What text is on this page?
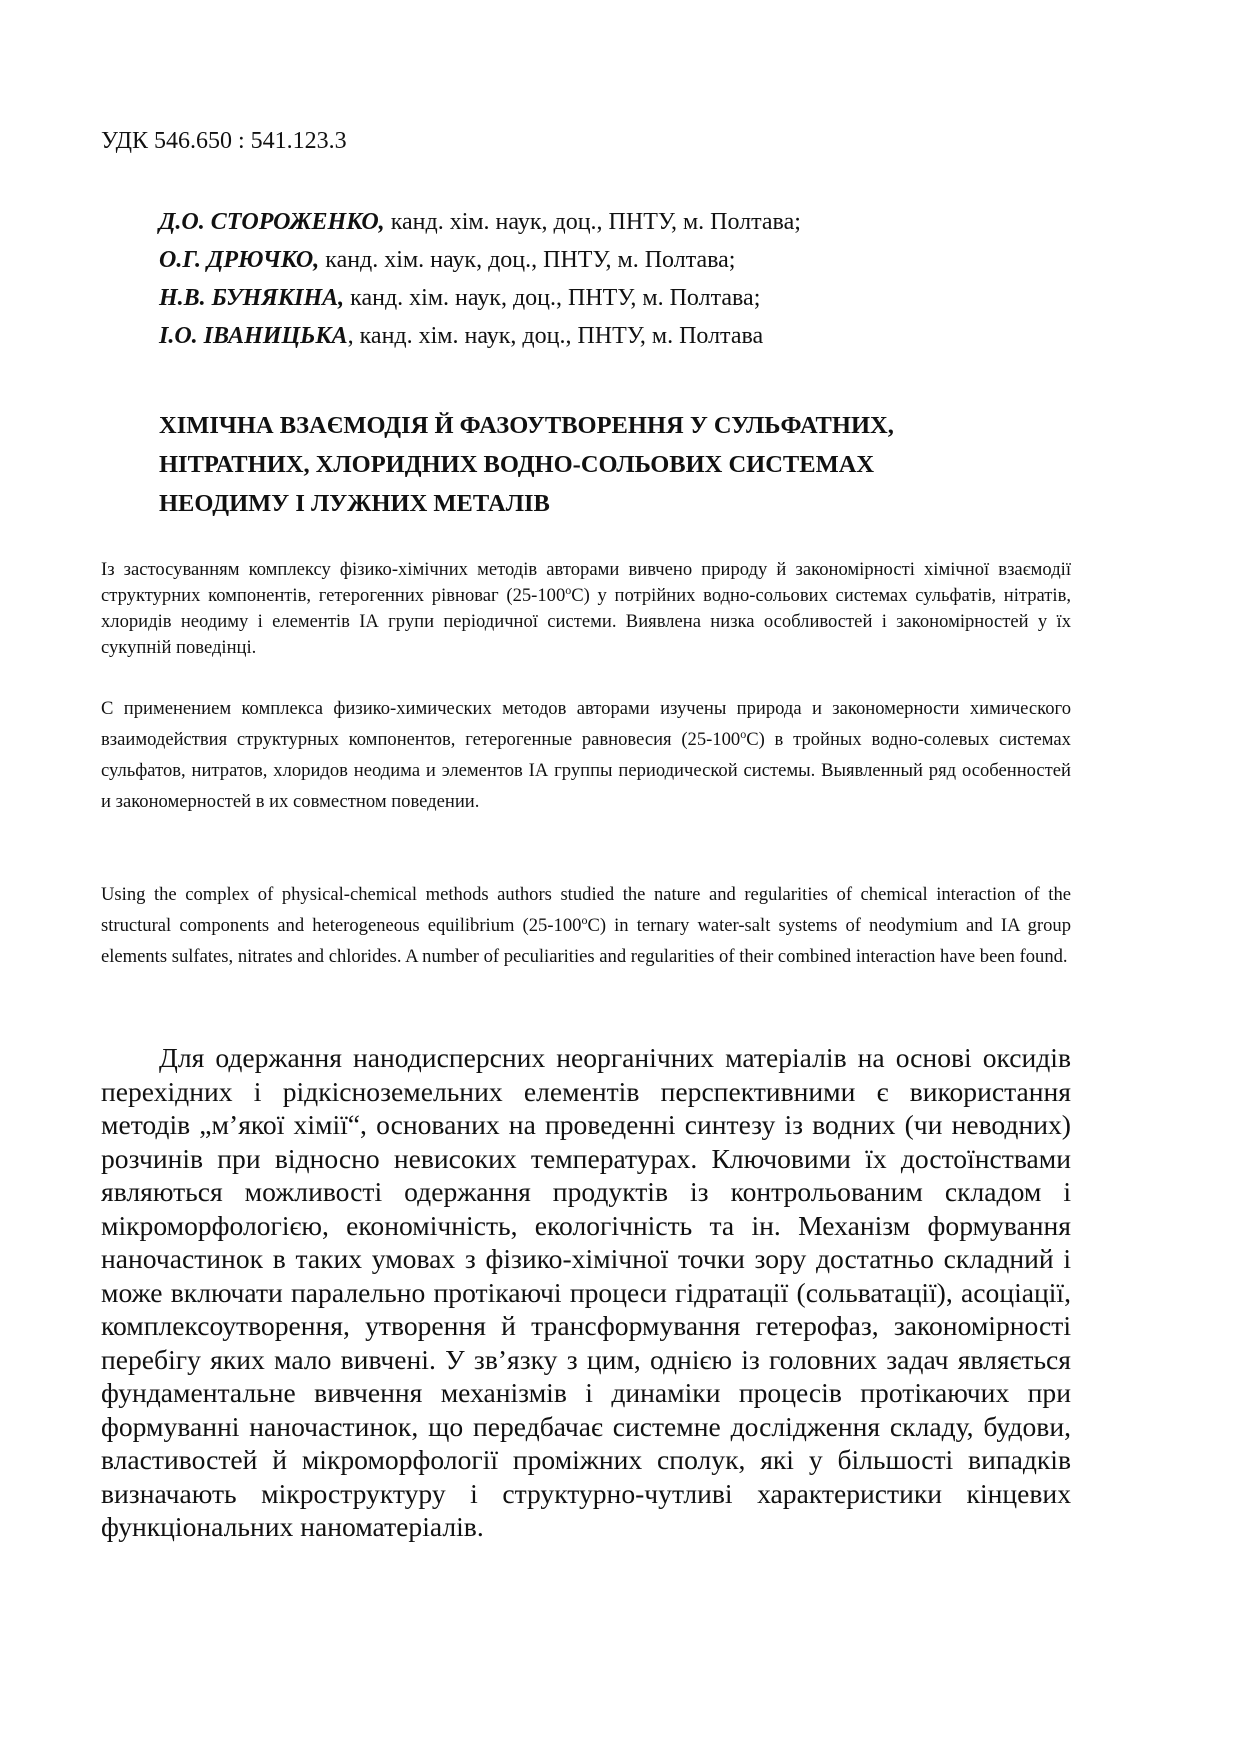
УДК 546.650 : 541.123.3
Д.О. СТОРОЖЕНКО, канд. хім. наук, доц., ПНТУ, м. Полтава;
О.Г. ДРЮЧКО, канд. хім. наук, доц., ПНТУ, м. Полтава;
Н.В. БУНЯКІНА, канд. хім. наук, доц., ПНТУ, м. Полтава;
І.О. ІВАНИЦЬКА, канд. хім. наук, доц., ПНТУ, м. Полтава
ХІМІЧНА ВЗАЄМОДІЯ Й ФАЗОУТВОРЕННЯ У СУЛЬФАТНИХ,
НІТРАТНИХ, ХЛОРИДНИХ ВОДНО-СОЛЬОВИХ СИСТЕМАХ
НЕОДИМУ І ЛУЖНИХ МЕТАЛІВ

Із застосуванням комплексу фізико-хімічних методів авторами вивчено природу й закономірності хімічної взаємодії структурних компонентів, гетерогенних рівноваг (25-100$^o$С) у потрійних водно-сольових системах сульфатів, нітратів, хлоридів неодиму і елементів ІА групи періодичної системи. Виявлена низка особливостей і закономірностей у їх сукупній поведінці.

С применением комплекса физико-химических методов авторами изучены природа и закономерности химического взаимодействия структурных компонентов, гетерогенные равновесия (25-100$^o$С) в тройных водно-солевых системах сульфатов, нитратов, хлоридов неодима и элементов ІА группы периодической системы. Выявленный ряд особенностей и закономерностей в их совместном поведении.

Using the complex of physical-chemical methods authors studied the nature and regularities of chemical interaction of the structural components and heterogeneous equilibrium (25-100$^o$C) in ternary water-salt systems of neodymium and IA group elements sulfates, nitrates and chlorides. A number of peculiarities and regularities of their combined interaction have been found.

Для одержання нанодисперсних неорганічних матеріалів на основі оксидів перехідних і рідкісноземельних елементів перспективними є використання методів „м’якої хімії“, основаних на проведенні синтезу із водних (чи неводних) розчинів при відносно невисоких температурах. Ключовими їх достоїнствами являються можливості одержання продуктів із контрольованим складом і мікроморфологією, економічність, екологічність та ін. Механізм формування наночастинок в таких умовах з фізико-хімічної точки зору достатньо складний і може включати паралельно протікаючі процеси гідратації (сольватації), асоціації, комплексоутворення, утворення й трансформування гетерофаз, закономірності перебігу яких мало вивчені. У зв’язку з цим, однією із головних задач являється фундаментальне вивчення механізмів і динаміки процесів протікаючих при формуванні наночастинок, що передбачає системне дослідження складу, будови, властивостей й мікроморфології проміжних сполук, які у більшості випадків визначають мікроструктуру і структурно-чутливі характеристики кінцевих функціональних наноматеріалів.
